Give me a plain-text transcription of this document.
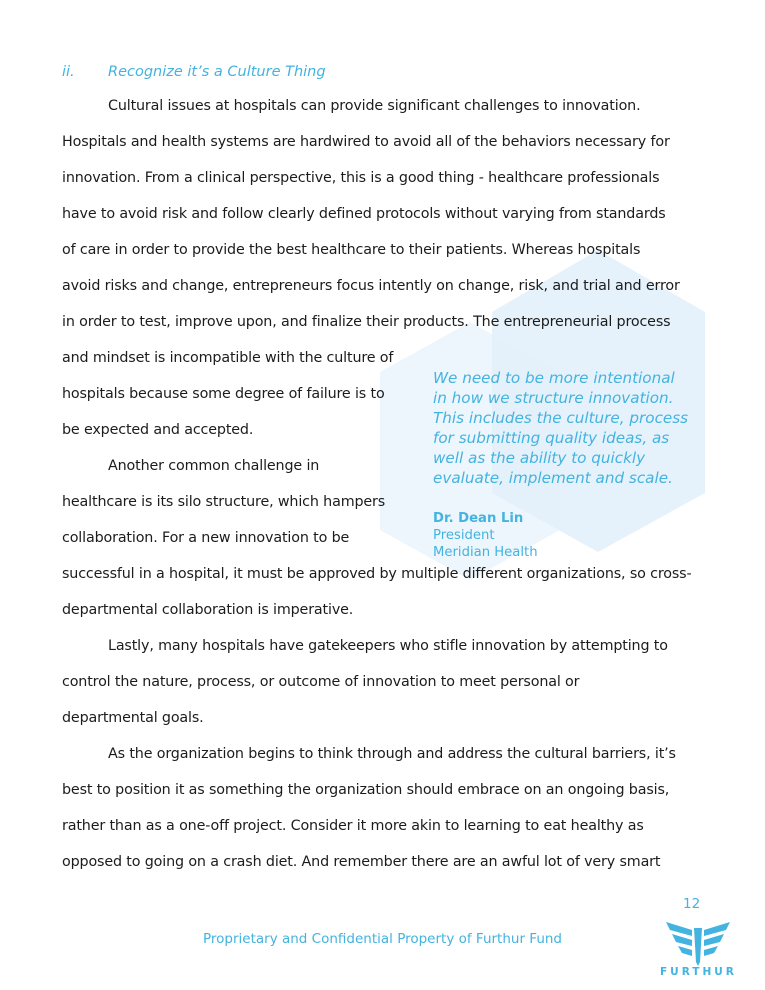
ii. Recognize it’s a Culture Thing
Cultural issues at hospitals can provide significant challenges to innovation.
Hospitals and health systems are hardwired to avoid all of the behaviors necessary for
innovation. From a clinical perspective, this is a good thing - healthcare professionals
have to avoid risk and follow clearly defined protocols without varying from standards
of care in order to provide the best healthcare to their patients. Whereas hospitals
avoid risks and change, entrepreneurs focus intently on change, risk, and trial and error
in order to test, improve upon, and finalize their products. The entrepreneurial process
and mindset is incompatible with the culture of
hospitals because some degree of failure is to
be expected and accepted.
Another common challenge in
healthcare is its silo structure, which hampers
collaboration. For a new innovation to be
successful in a hospital, it must be approved by multiple different organizations, so cross-
departmental collaboration is imperative.
Lastly, many hospitals have gatekeepers who stifle innovation by attempting to
control the nature, process, or outcome of innovation to meet personal or
departmental goals.
As the organization begins to think through and address the cultural barriers, it’s
best to position it as something the organization should embrace on an ongoing basis,
rather than as a one-off project. Consider it more akin to learning to eat healthy as
opposed to going on a crash diet. And remember there are an awful lot of very smart
We need to be more intentional
in how we structure innovation.
This includes the culture, process
for submitting quality ideas, as
well as the ability to quickly
evaluate, implement and scale.
Dr. Dean Lin
President
Meridian Health
12
Proprietary and Confidential Property of Furthur Fund
FURTHUR
